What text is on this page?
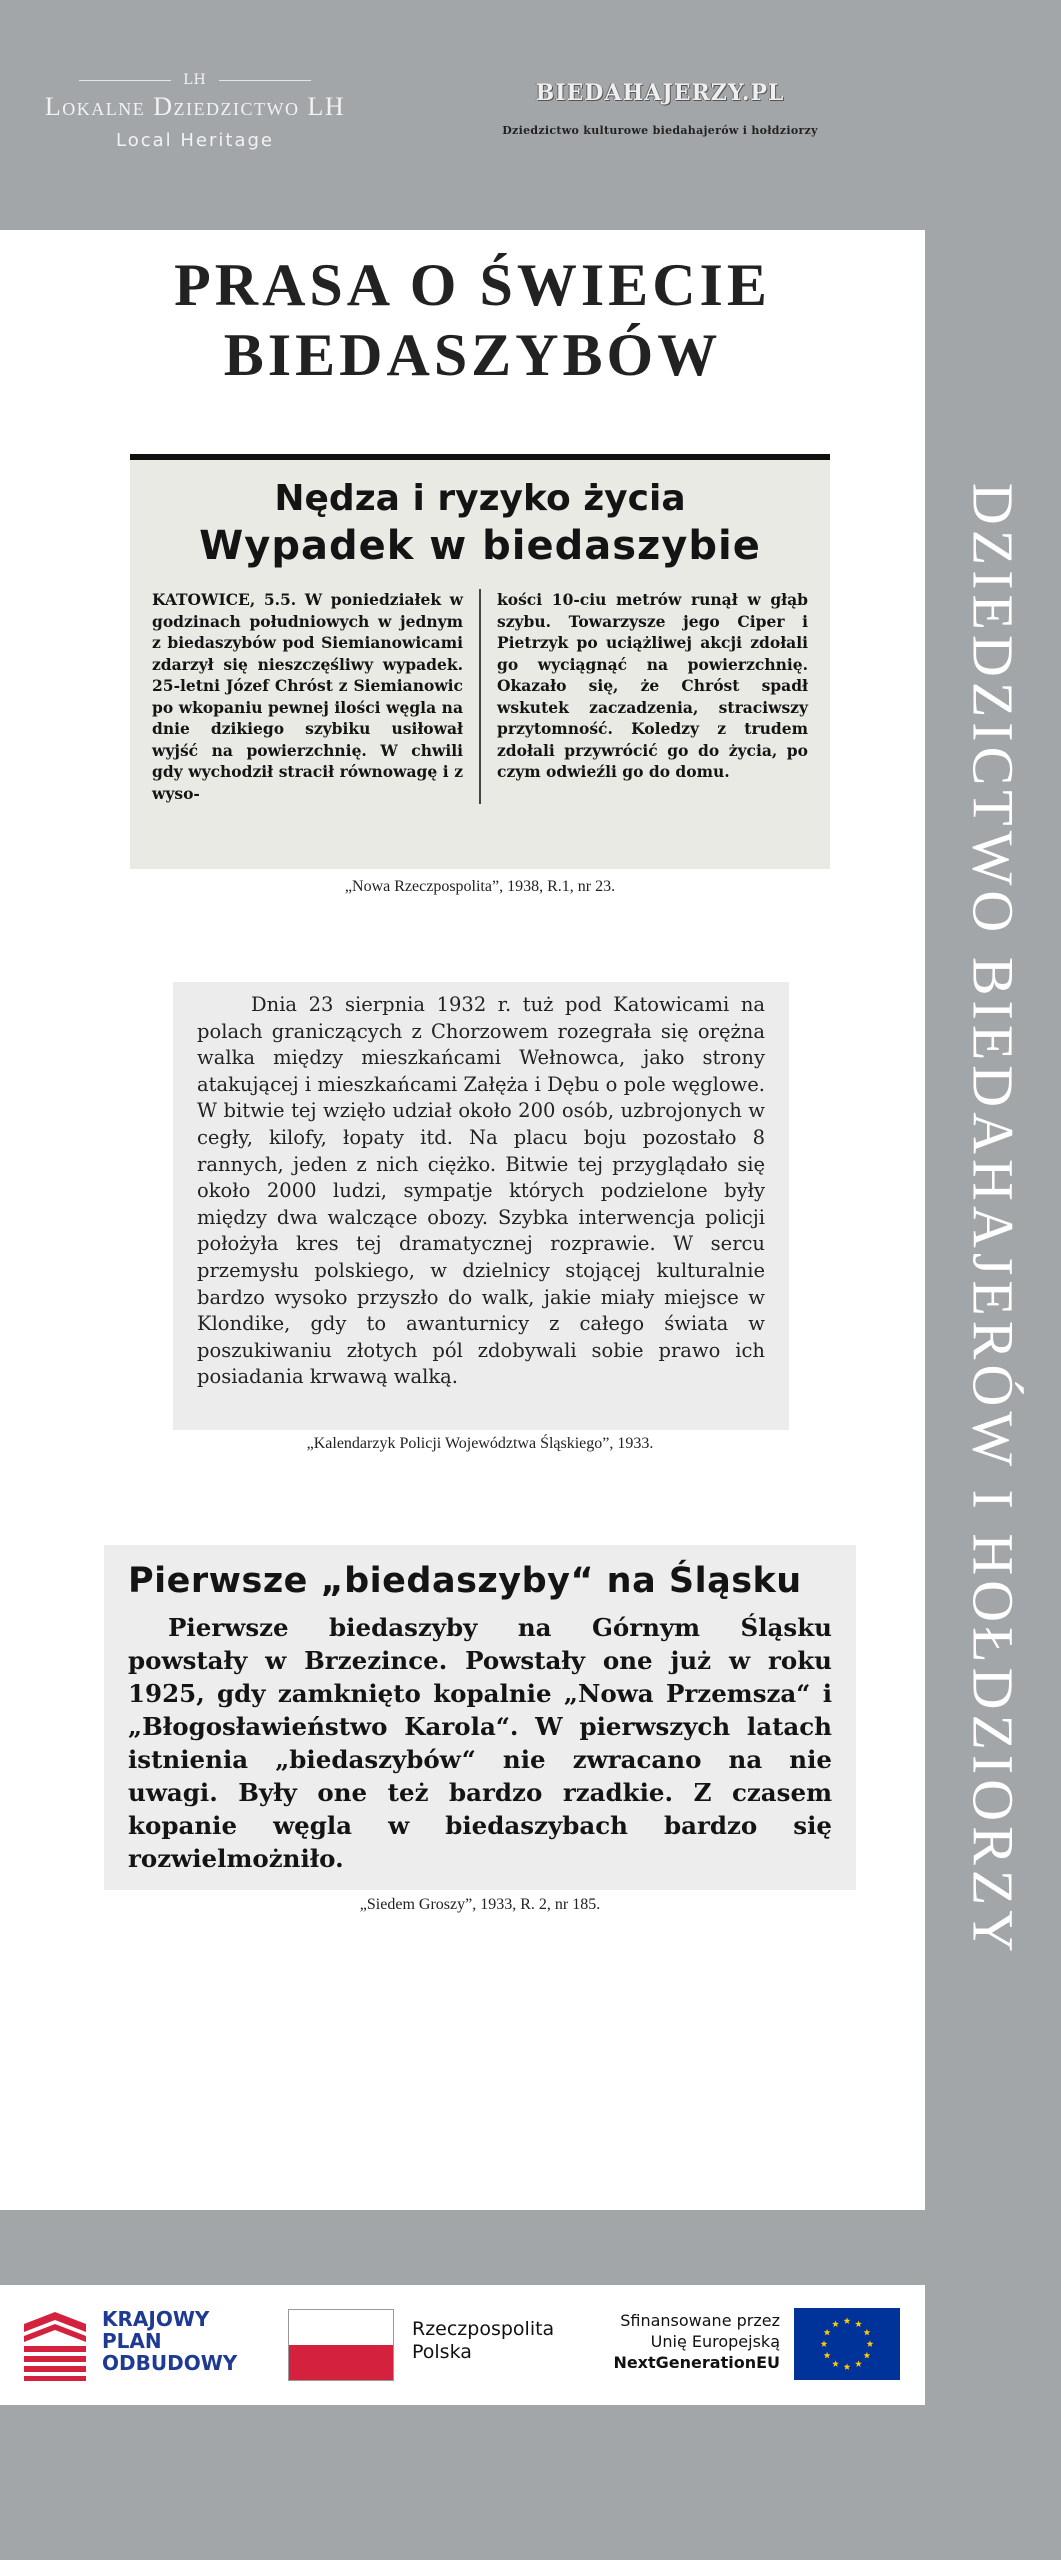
LH
Lokalne Dziedzictwo LH
Local Heritage
BIEDAHAJERZY.PL
Dziedzictwo kulturowe biedahajerów i hołdziorzy
DZIEDZICTWO BIEDAHAJERÓW I HOŁDZIORZY
PRASA O ŚWIECIE
BIEDASZYBÓW
Nędza i ryzyko życia
Wypadek w biedaszybie
KATOWICE, 5.5. W poniedziałek w godzinach południowych w jednym z biedaszybów pod Siemianowicami zdarzył się nieszczęśliwy wypadek. 25-letni Józef Chróst z Siemianowic po wkopaniu pewnej ilości węgla na dnie dzikiego szybiku usiłował wyjść na powierzchnię. W chwili gdy wychodził stracił równowagę i z wyso-
kości 10-ciu metrów runął w głąb szybu. Towarzysze jego Ciper i Pietrzyk po uciążliwej akcji zdołali go wyciągnąć na powierzchnię. Okazało się, że Chróst spadł wskutek zaczadzenia, straciwszy przytomność. Koledzy z trudem zdołali przywrócić go do życia, po czym odwieźli go do domu.
„Nowa Rzeczpospolita”, 1938, R.1, nr 23.
Dnia 23 sierpnia 1932 r. tuż pod Katowicami na polach graniczących z Chorzowem rozegrała się orężna walka między mieszkańcami Wełnowca, jako strony atakującej i mieszkańcami Załęża i Dębu o pole węglowe. W bitwie tej wzięło udział około 200 osób, uzbrojonych w cegły, kilofy, łopaty itd. Na placu boju pozostało 8 rannych, jeden z nich ciężko. Bitwie tej przyglądało się około 2000 ludzi, sympatje których podzielone były między dwa walczące obozy. Szybka interwencja policji położyła kres tej dramatycznej rozprawie. W sercu przemysłu polskiego, w dzielnicy stojącej kulturalnie bardzo wysoko przyszło do walk, jakie miały miejsce w Klondike, gdy to awanturnicy z całego świata w poszukiwaniu złotych pól zdobywali sobie prawo ich posiadania krwawą walką.
„Kalendarzyk Policji Województwa Śląskiego”, 1933.
Pierwsze „biedaszyby“ na Śląsku
Pierwsze biedaszyby na Górnym Śląsku powstały w Brzezince. Powstały one już w roku 1925, gdy zamknięto kopalnie „Nowa Przemsza“ i „Błogosławieństwo Karola“. W pierwszych latach istnienia „biedaszybów“ nie zwracano na nie uwagi. Były one też bardzo rzadkie. Z czasem kopanie węgla w biedaszybach bardzo się rozwielmożniło.
„Siedem Groszy”, 1933, R. 2, nr 185.
KRAJOWY
PLAN
ODBUDOWY
Rzeczpospolita
Polska
Sfinansowane przez
Unię Europejską
NextGenerationEU
